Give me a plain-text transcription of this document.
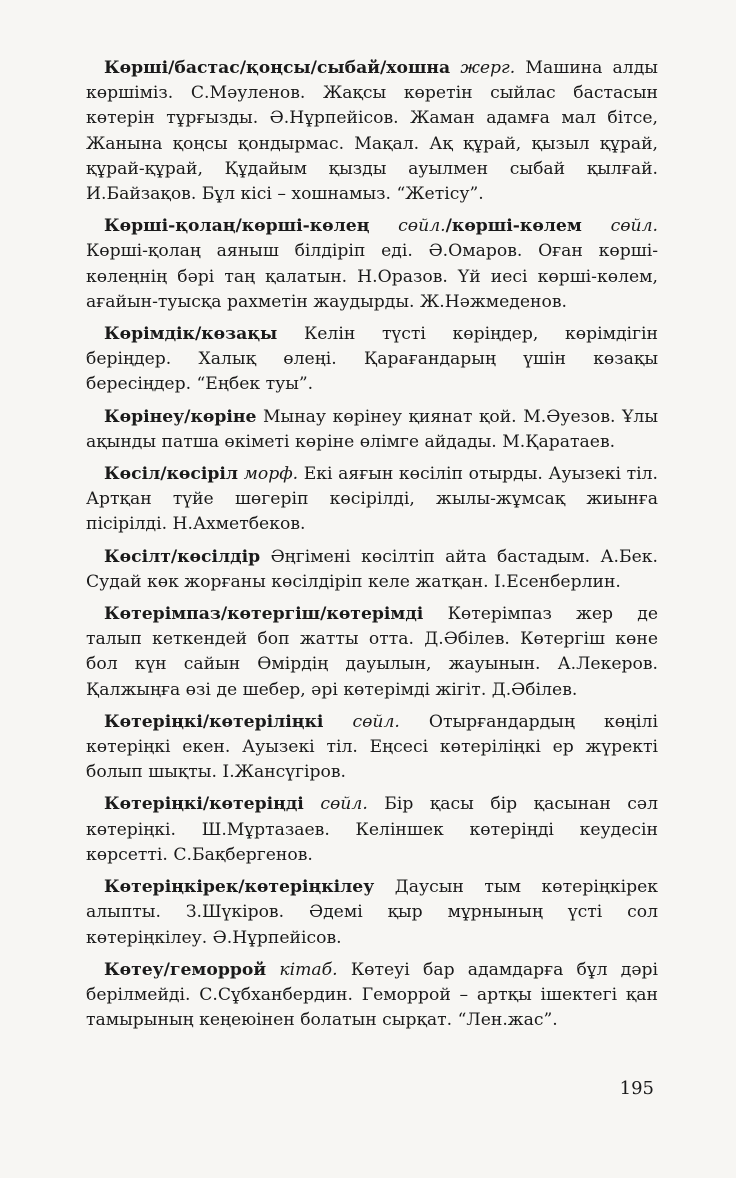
Көрші/бастас/қоңсы/сыбай/хошна жерг. Машина алды көршіміз. С.Мәуленов. Жақсы көретін сыйлас бастасын көтерін тұрғызды. Ә.Нұрпейісов. Жаман адамға мал бітсе, Жанына қоңсы қондырмас. Мақал. Ақ құрай, қызыл құрай, құрай-құрай, Құдайым қызды ауылмен сыбай қылғай. И.Байзақов. Бұл кісі – хошнамыз. “Жетісу”.

Көрші-қолаң/көрші-көлең сөйл./көрші-көлем сөйл. Көрші-қолаң аяныш білдіріп еді. Ә.Омаров. Оған көрші-көлеңнің бәрі таң қалатын. Н.Оразов. Үй иесі көрші-көлем, ағайын-туысқа рахметін жаудырды. Ж.Нәжмеденов.

Көрімдік/көзақы Келін түсті көріңдер, көрімдігін беріңдер. Халық өлеңі. Қарағандарың үшін көзақы бересіңдер. “Еңбек туы”.

Көрінеу/көріне Мынау көрінеу қиянат қой. М.Әуезов. Ұлы ақынды патша өкіметі көріне өлімге айдады. М.Қаратаев.

Көсіл/көсіріл морф. Екі аяғын көсіліп отырды. Ауызекі тіл. Артқан түйе шөгеріп көсірілді, жылы-жұмсақ жиынға пісірілді. Н.Ахметбеков.

Көсілт/көсілдір Әңгімені көсілтіп айта бастадым. А.Бек. Судай көк жорғаны көсілдіріп келе жатқан. І.Есенберлин.

Көтерімпаз/көтергіш/көтерімді Көтерімпаз жер де талып кеткендей боп жатты отта. Д.Әбілев. Көтергіш көне бол күн сайын Өмірдің дауылын, жауынын. А.Лекеров. Қалжыңға өзі де шебер, әрі көтерімді жігіт. Д.Әбілев.

Көтеріңкі/көтеріліңкі сөйл. Отырғандардың көңілі көтеріңкі екен. Ауызекі тіл. Еңсесі көтеріліңкі ер жүректі болып шықты. І.Жансүгіров.

Көтеріңкі/көтеріңді сөйл. Бір қасы бір қасынан сәл көтеріңкі. Ш.Мұртазаев. Келіншек көтеріңді кеудесін көрсетті. С.Бақбергенов.

Көтеріңкірек/көтеріңкілеу Даусын тым көтеріңкірек алыпты. З.Шүкіров. Әдемі қыр мұрнының үсті сол көтеріңкілеу. Ә.Нұрпейісов.

Көтеу/геморрой кітаб. Көтеуі бар адамдарға бұл дәрі берілмейді. С.Сұбханбердин. Геморрой – артқы ішектегі қан тамырының кеңеюінен болатын сырқат. “Лен.жас”.

195
